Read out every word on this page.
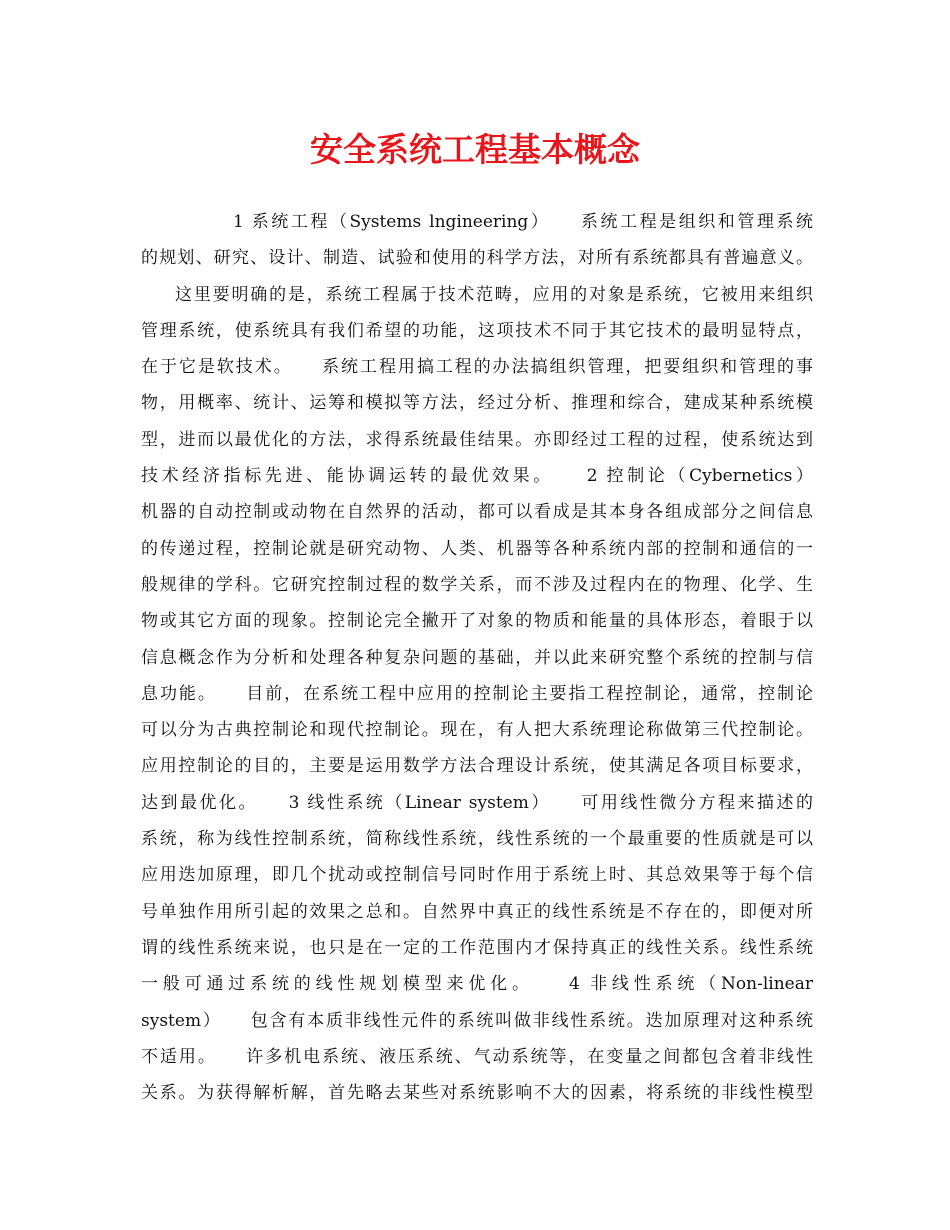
安全系统工程基本概念
1 系统工程（Systems lngineering）　　系统工程是组织和管理系统
的规划、研究、设计、制造、试验和使用的科学方法，对所有系统都具有普遍意义。
这里要明确的是，系统工程属于技术范畴，应用的对象是系统，它被用来组织
管理系统，使系统具有我们希望的功能，这项技术不同于其它技术的最明显特点，
在于它是软技术。　　系统工程用搞工程的办法搞组织管理，把要组织和管理的事
物，用概率、统计、运筹和模拟等方法，经过分析、推理和综合，建成某种系统模
型，进而以最优化的方法，求得系统最佳结果。亦即经过工程的过程，使系统达到
技术经济指标先进、能协调运转的最优效果。　　2 控制论（Cybernetics）
机器的自动控制或动物在自然界的活动，都可以看成是其本身各组成部分之间信息
的传递过程，控制论就是研究动物、人类、机器等各种系统内部的控制和通信的一
般规律的学科。它研究控制过程的数学关系，而不涉及过程内在的物理、化学、生
物或其它方面的现象。控制论完全撇开了对象的物质和能量的具体形态，着眼于以
信息概念作为分析和处理各种复杂问题的基础，并以此来研究整个系统的控制与信
息功能。　　目前，在系统工程中应用的控制论主要指工程控制论，通常，控制论
可以分为古典控制论和现代控制论。现在，有人把大系统理论称做第三代控制论。
应用控制论的目的，主要是运用数学方法合理设计系统，使其满足各项目标要求，
达到最优化。　　3 线性系统（Linear system）　　可用线性微分方程来描述的
系统，称为线性控制系统，简称线性系统，线性系统的一个最重要的性质就是可以
应用迭加原理，即几个扰动或控制信号同时作用于系统上时、其总效果等于每个信
号单独作用所引起的效果之总和。自然界中真正的线性系统是不存在的，即便对所
谓的线性系统来说，也只是在一定的工作范围内才保持真正的线性关系。线性系统
一般可通过系统的线性规划模型来优化。　　4 非线性系统（Non-linear
system）　　包含有本质非线性元件的系统叫做非线性系统。迭加原理对这种系统
不适用。　　许多机电系统、液压系统、气动系统等，在变量之间都包含着非线性
关系。为获得解析解，首先略去某些对系统影响不大的因素，将系统的非线性模型
